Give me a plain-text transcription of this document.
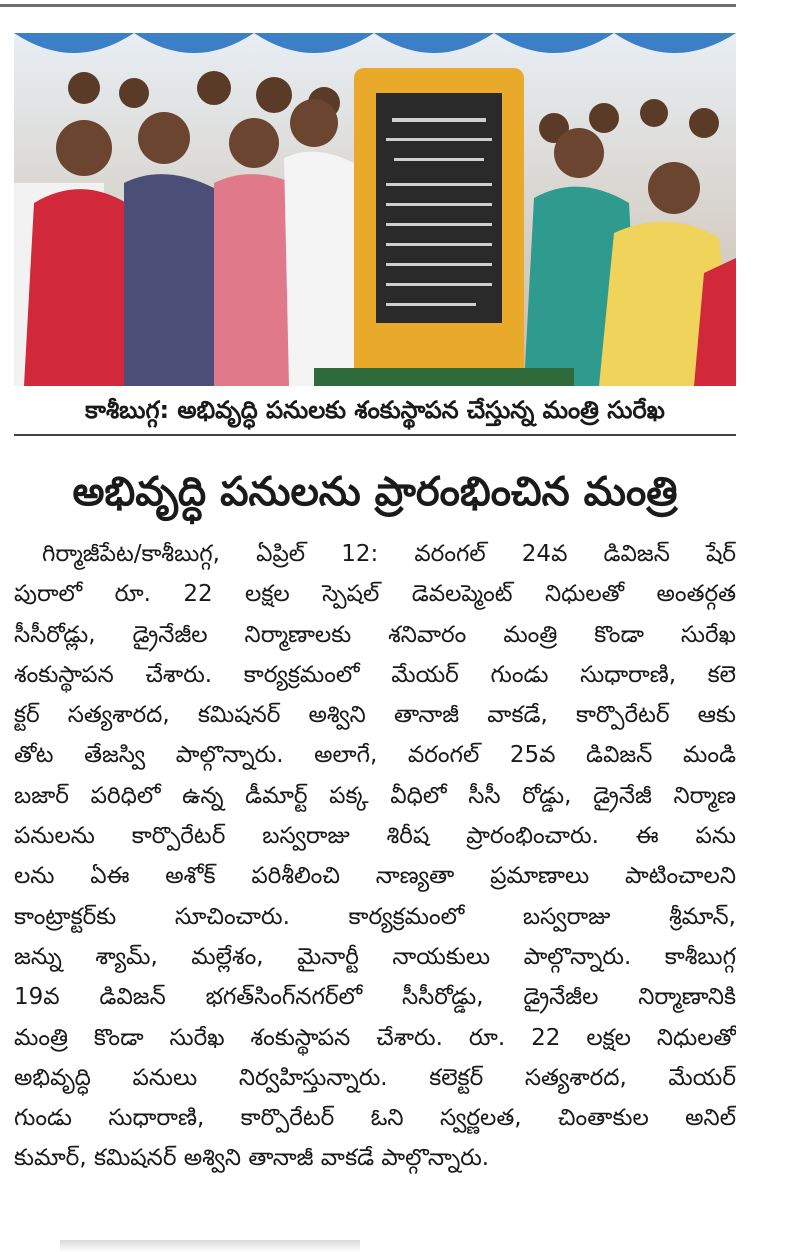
కాశీబుగ్గ: అభివృద్ధి పనులకు శంకుస్థాపన చేస్తున్న మంత్రి సురేఖ
అభివృద్ధి పనులను ప్రారంభించిన మంత్రి
గిర్మాజీపేట/కాశీబుగ్గ, ఏప్రిల్ 12: వరంగల్ 24వ డివిజన్ షేర్
పురాలో రూ. 22 లక్షల స్పెషల్ డెవలప్మెంట్ నిధులతో అంతర్గత
సీసీరోడ్లు, డ్రైనేజీల నిర్మాణాలకు శనివారం మంత్రి కొండా సురేఖ
శంకుస్థాపన చేశారు. కార్యక్రమంలో మేయర్ గుండు సుధారాణి, కలె
క్టర్ సత్యశారద, కమిషనర్ అశ్విని తానాజీ వాకడే, కార్పొరేటర్ ఆకు
తోట తేజస్వి పాల్గొన్నారు. అలాగే, వరంగల్ 25వ డివిజన్ మండి
బజార్ పరిధిలో ఉన్న డీమార్ట్ పక్క వీధిలో సీసీ రోడ్డు, డ్రైనేజీ నిర్మాణ
పనులను కార్పొరేటర్ బస్వరాజు శిరీష ప్రారంభించారు. ఈ పను
లను ఏఈ అశోక్ పరిశీలించి నాణ్యతా ప్రమాణాలు పాటించాలని
కాంట్రాక్టర్‌కు సూచించారు. కార్యక్రమంలో బస్వరాజు శ్రీమాన్,
జన్ను శ్యామ్, మల్లేశం, మైనార్టీ నాయకులు పాల్గొన్నారు. కాశీబుగ్గ
19వ డివిజన్ భగత్‌సింగ్‌నగర్‌లో సీసీరోడ్డు, డ్రైనేజీల నిర్మాణానికి
మంత్రి కొండా సురేఖ శంకుస్థాపన చేశారు. రూ. 22 లక్షల నిధులతో
అభివృద్ధి పనులు నిర్వహిస్తున్నారు. కలెక్టర్ సత్యశారద, మేయర్
గుండు సుధారాణి, కార్పొరేటర్ ఓని స్వర్ణలత, చింతాకుల అనిల్
కుమార్, కమిషనర్ అశ్విని తానాజీ వాకడే పాల్గొన్నారు.
